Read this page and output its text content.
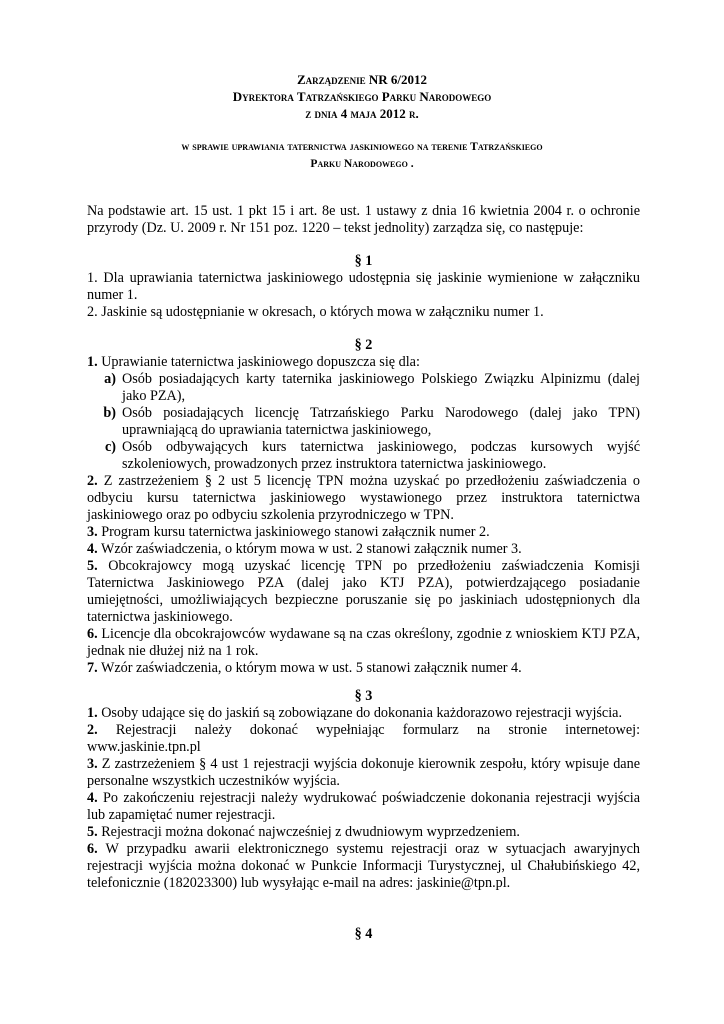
Zarządzenie NR 6/2012
Dyrektora Tatrzańskiego Parku Narodowego
z dnia 4 maja 2012 r.
w sprawie uprawiania taternictwa jaskiniowego na terenie Tatrzańskiego
Parku Narodowego .

Na podstawie art. 15 ust. 1 pkt 15 i art. 8e ust. 1 ustawy z dnia 16 kwietnia 2004 r. o ochronie przyrody (Dz. U. 2009 r. Nr 151 poz. 1220 – tekst jednolity) zarządza się, co następuje:

§ 1

1. Dla uprawiania taternictwa jaskiniowego udostępnia się jaskinie wymienione w załączniku numer 1.

2. Jaskinie są udostępnianie w okresach, o których mowa w załączniku numer 1.

§ 2

1. Uprawianie taternictwa jaskiniowego dopuszcza się dla:

a) Osób posiadających karty taternika jaskiniowego Polskiego Związku Alpinizmu (dalej jako PZA),
b) Osób posiadających licencję Tatrzańskiego Parku Narodowego (dalej jako TPN) uprawniającą do uprawiania taternictwa jaskiniowego,
c) Osób odbywających kurs taternictwa jaskiniowego, podczas kursowych wyjść szkoleniowych, prowadzonych przez instruktora taternictwa jaskiniowego.

2. Z zastrzeżeniem § 2 ust 5 licencję TPN można uzyskać po przedłożeniu zaświadczenia o odbyciu kursu taternictwa jaskiniowego wystawionego przez instruktora taternictwa jaskiniowego oraz po odbyciu szkolenia przyrodniczego w TPN.

3. Program kursu taternictwa jaskiniowego stanowi załącznik numer 2.

4. Wzór zaświadczenia, o którym mowa w ust. 2 stanowi załącznik numer 3.

5. Obcokrajowcy mogą uzyskać licencję TPN po przedłożeniu zaświadczenia Komisji Taternictwa Jaskiniowego PZA (dalej jako KTJ PZA), potwierdzającego posiadanie umiejętności, umożliwiających bezpieczne poruszanie się po jaskiniach udostępnionych dla taternictwa jaskiniowego.

6. Licencje dla obcokrajowców wydawane są na czas określony, zgodnie z wnioskiem KTJ PZA, jednak nie dłużej niż na 1 rok.

7. Wzór zaświadczenia, o którym mowa w ust. 5 stanowi załącznik numer 4.

§ 3

1. Osoby udające się do jaskiń są zobowiązane do dokonania każdorazowo rejestracji wyjścia.

2. Rejestracji należy dokonać wypełniając formularz na stronie internetowej: www.jaskinie.tpn.pl

3. Z zastrzeżeniem § 4 ust 1 rejestracji wyjścia dokonuje kierownik zespołu, który wpisuje dane personalne wszystkich uczestników wyjścia.

4. Po zakończeniu rejestracji należy wydrukować poświadczenie dokonania rejestracji wyjścia lub zapamiętać numer rejestracji.

5. Rejestracji można dokonać najwcześniej z dwudniowym wyprzedzeniem.

6. W przypadku awarii elektronicznego systemu rejestracji oraz w sytuacjach awaryjnych rejestracji wyjścia można dokonać w Punkcie Informacji Turystycznej, ul Chałubińskiego 42, telefonicznie (182023300) lub wysyłając e-mail na adres: jaskinie@tpn.pl.

§ 4
